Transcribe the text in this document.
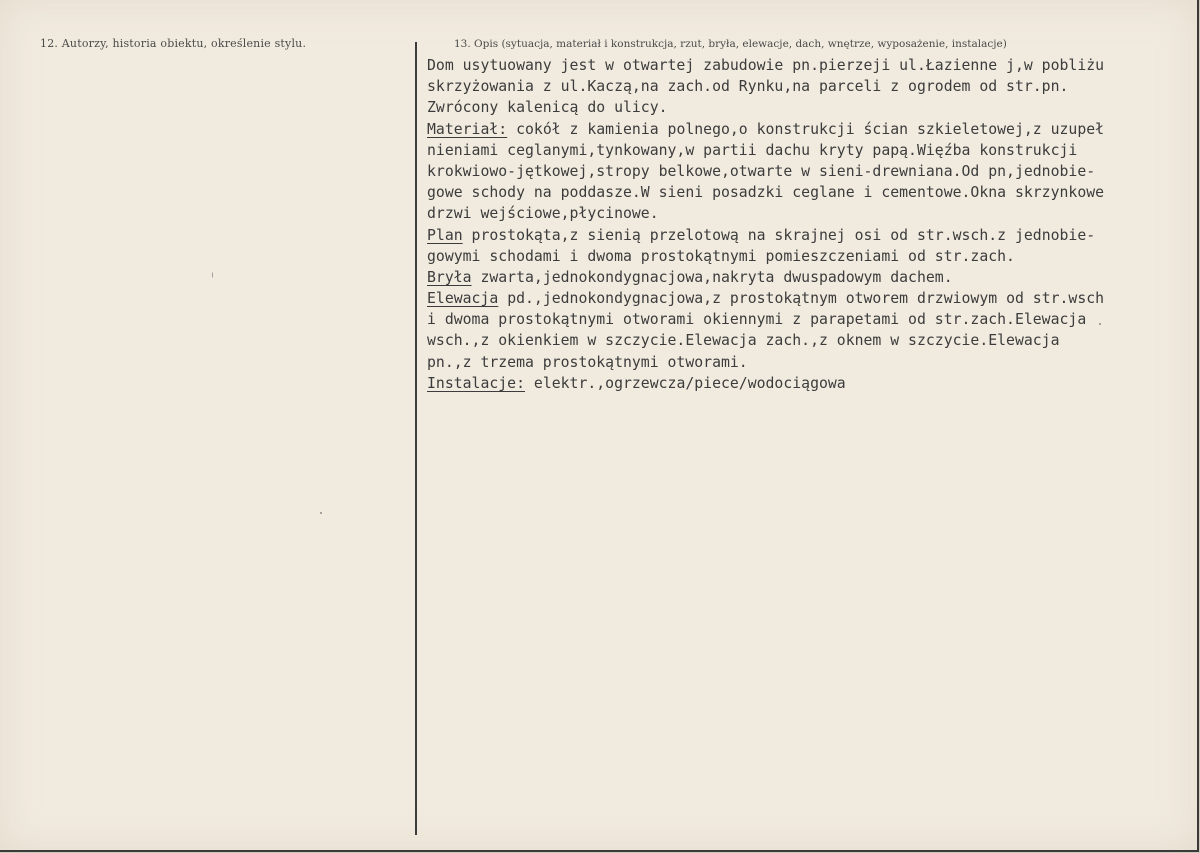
12. Autorzy, historia obiektu, określenie stylu.	13. Opis (sytuacja, materiał i konstrukcja, rzut, bryła, elewacje, dach, wnętrze, wyposażenie, instalacje)
Dom usytuowany jest w otwartej zabudowie pn.pierzeji ul.Łazienne j,w pobliżu
skrzyżowania z ul.Kaczą,na zach.od Rynku,na parceli z ogrodem od str.pn.
Zwrócony kalenicą do ulicy.
Materiał: cokół z kamienia polnego,o konstrukcji ścian szkieletowej,z uzupeł
nieniami ceglanymi,tynkowany,w partii dachu kryty papą.Więźba konstrukcji
krokwiowo-jętkowej,stropy belkowe,otwarte w sieni-drewniana.Od pn,jednobie-
gowe schody na poddasze.W sieni posadzki ceglane i cementowe.Okna skrzynkowe
drzwi wejściowe,płycinowe.
Plan prostokąta,z sienią przelotową na skrajnej osi od str.wsch.z jednobie-
gowymi schodami i dwoma prostokątnymi pomieszczeniami od str.zach.
Bryła zwarta,jednokondygnacjowa,nakryta dwuspadowym dachem.
Elewacja pd.,jednokondygnacjowa,z prostokątnym otworem drzwiowym od str.wsch
i dwoma prostokątnymi otworami okiennymi z parapetami od str.zach.Elewacja
wsch.,z okienkiem w szczycie.Elewacja zach.,z oknem w szczycie.Elewacja
pn.,z trzema prostokątnymi otworami.
Instalacje: elektr.,ogrzewcza/piece/wodociągowa
